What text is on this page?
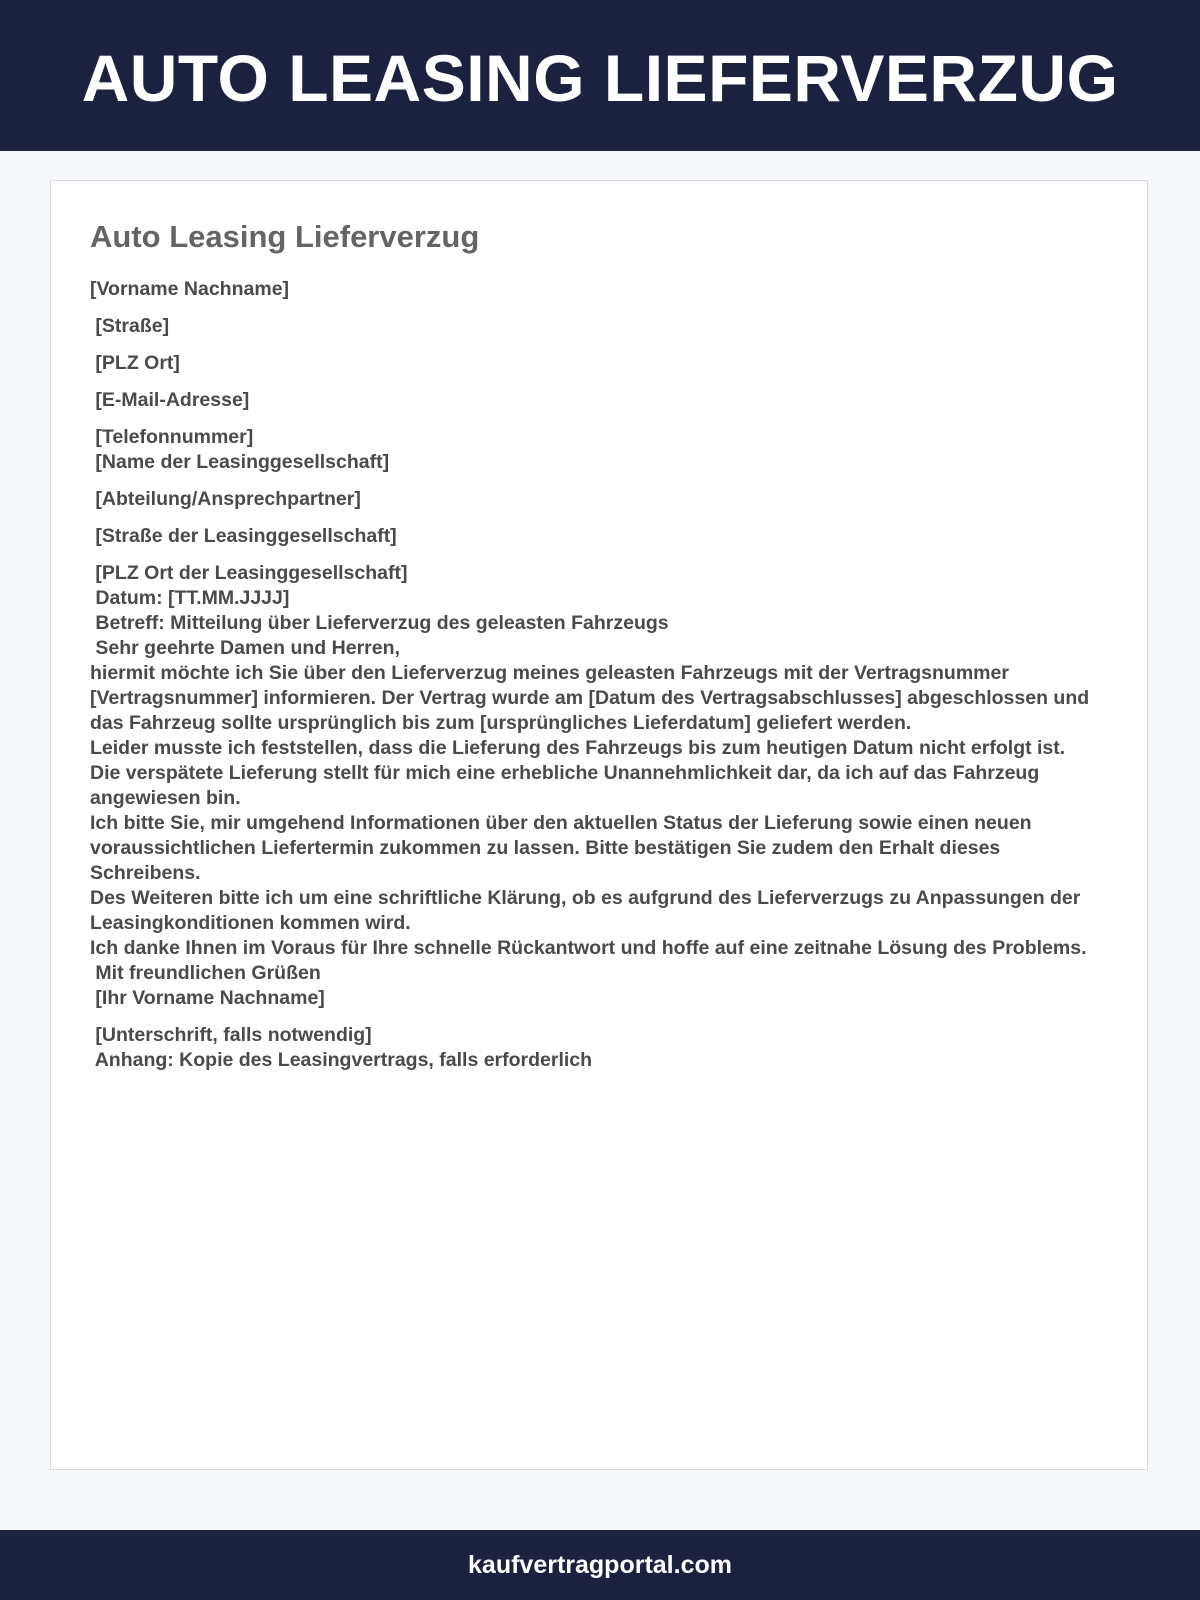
AUTO LEASING LIEFERVERZUG
Auto Leasing Lieferverzug
[Vorname Nachname]
[Straße]
[PLZ Ort]
[E-Mail-Adresse]
[Telefonnummer]
[Name der Leasinggesellschaft]
[Abteilung/Ansprechpartner]
[Straße der Leasinggesellschaft]
[PLZ Ort der Leasinggesellschaft]
Datum: [TT.MM.JJJJ]
Betreff: Mitteilung über Lieferverzug des geleasten Fahrzeugs
Sehr geehrte Damen und Herren,
hiermit möchte ich Sie über den Lieferverzug meines geleasten Fahrzeugs mit der Vertragsnummer [Vertragsnummer] informieren. Der Vertrag wurde am [Datum des Vertragsabschlusses] abgeschlossen und das Fahrzeug sollte ursprünglich bis zum [ursprüngliches Lieferdatum] geliefert werden.
Leider musste ich feststellen, dass die Lieferung des Fahrzeugs bis zum heutigen Datum nicht erfolgt ist. Die verspätete Lieferung stellt für mich eine erhebliche Unannehmlichkeit dar, da ich auf das Fahrzeug angewiesen bin.
Ich bitte Sie, mir umgehend Informationen über den aktuellen Status der Lieferung sowie einen neuen voraussichtlichen Liefertermin zukommen zu lassen. Bitte bestätigen Sie zudem den Erhalt dieses Schreibens.
Des Weiteren bitte ich um eine schriftliche Klärung, ob es aufgrund des Lieferverzugs zu Anpassungen der Leasingkonditionen kommen wird.
Ich danke Ihnen im Voraus für Ihre schnelle Rückantwort und hoffe auf eine zeitnahe Lösung des Problems.
Mit freundlichen Grüßen
[Ihr Vorname Nachname]
[Unterschrift, falls notwendig]
Anhang: Kopie des Leasingvertrags, falls erforderlich
kaufvertragportal.com
